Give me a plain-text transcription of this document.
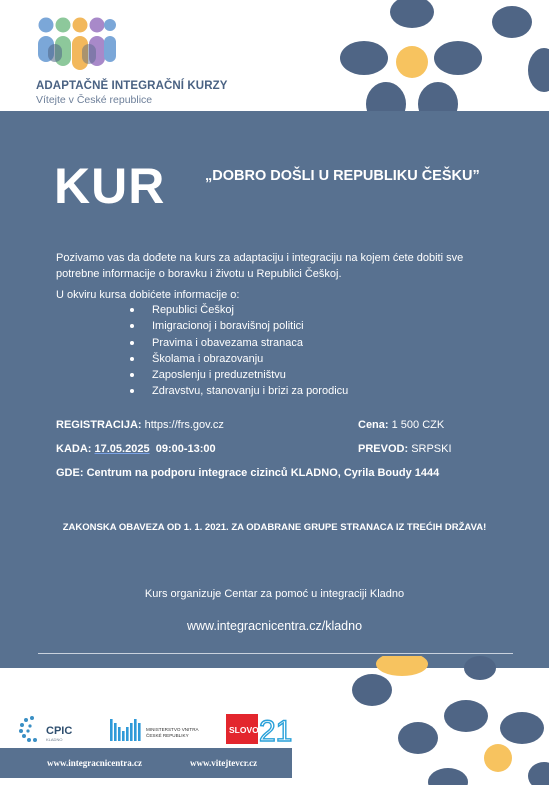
ADAPTAČNĚ INTEGRAČNÍ KURZY
Vítejte v České republice
KUR	„DOBRO DOŠLI U REPUBLIKU ČEŠKU”
Pozivamo vas da dođete na kurs za adaptaciju i integraciju na kojem ćete dobiti sve potrebne informacije o boravku i životu u Republici Češkoj.
U okviru kursa dobićete informacije o:
Republici Češkoj
Imigracionoj i boravišnoj politici
Pravima i obavezama stranaca
Školama i obrazovanju
Zaposlenju i preduzetništvu
Zdravstvu, stanovanju i brizi za porodicu
REGISTRACIJA: https://frs.gov.cz
KADA: 17.05.2025 09:00-13:00
Cena: 1 500 CZK
PREVOD: SRPSKI
GDE: Centrum na podporu integrace cizinců KLADNO, Cyrila Boudy 1444
ZAKONSKA OBAVEZA OD 1. 1. 2021. ZA ODABRANE GRUPE STRANACA IZ TREĆIH DRŽAVA!
Kurs organizuje Centar za pomoć u integraciji Kladno
www.integracnicentra.cz/kladno
CPIC
KLADNO
MINISTERSTVO VNITRA
ČESKÉ REPUBLIKY
SLOVO 21
www.integracnicentra.cz	www.vitejtevcr.cz
